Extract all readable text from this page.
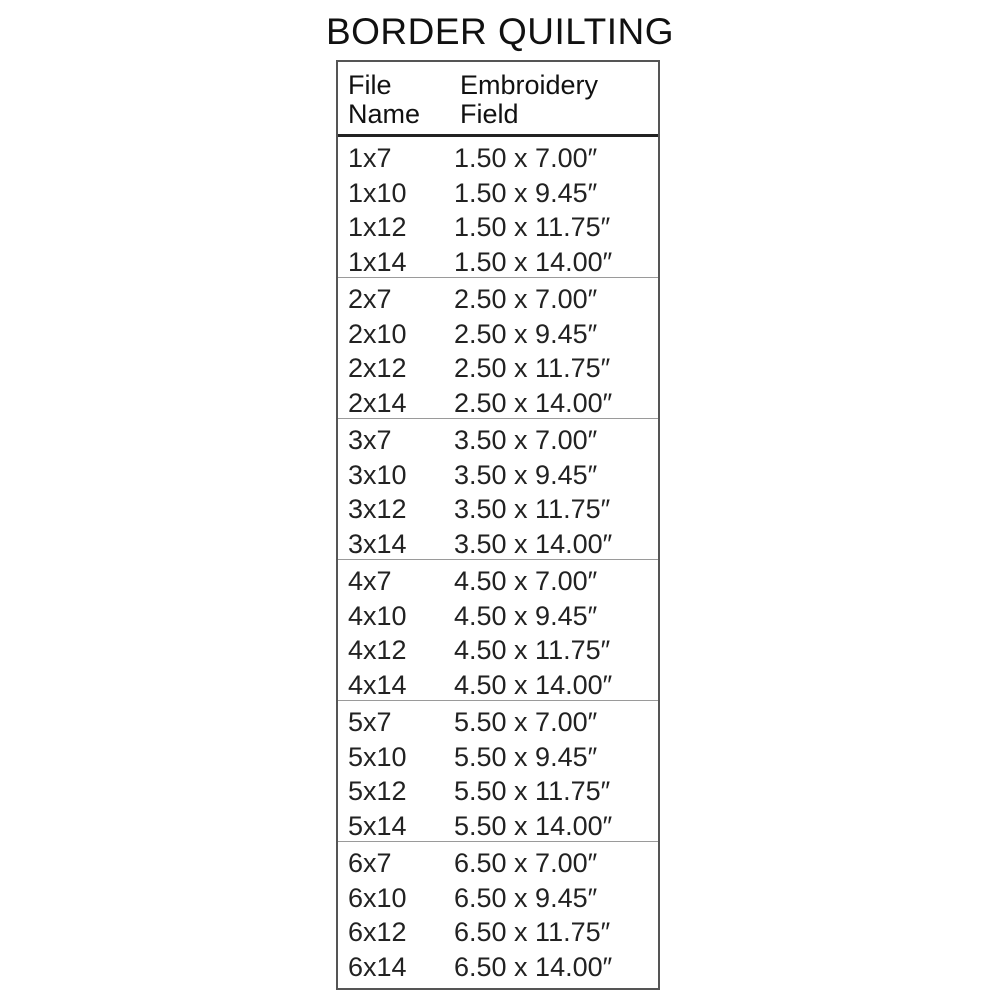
BORDER QUILTING
File
Name
Embroidery
Field
1x7 1.50 x 7.00″
1x10 1.50 x 9.45″
1x12 1.50 x 11.75″
1x14 1.50 x 14.00″
2x7 2.50 x 7.00″
2x10 2.50 x 9.45″
2x12 2.50 x 11.75″
2x14 2.50 x 14.00″
3x7 3.50 x 7.00″
3x10 3.50 x 9.45″
3x12 3.50 x 11.75″
3x14 3.50 x 14.00″
4x7 4.50 x 7.00″
4x10 4.50 x 9.45″
4x12 4.50 x 11.75″
4x14 4.50 x 14.00″
5x7 5.50 x 7.00″
5x10 5.50 x 9.45″
5x12 5.50 x 11.75″
5x14 5.50 x 14.00″
6x7 6.50 x 7.00″
6x10 6.50 x 9.45″
6x12 6.50 x 11.75″
6x14 6.50 x 14.00″
